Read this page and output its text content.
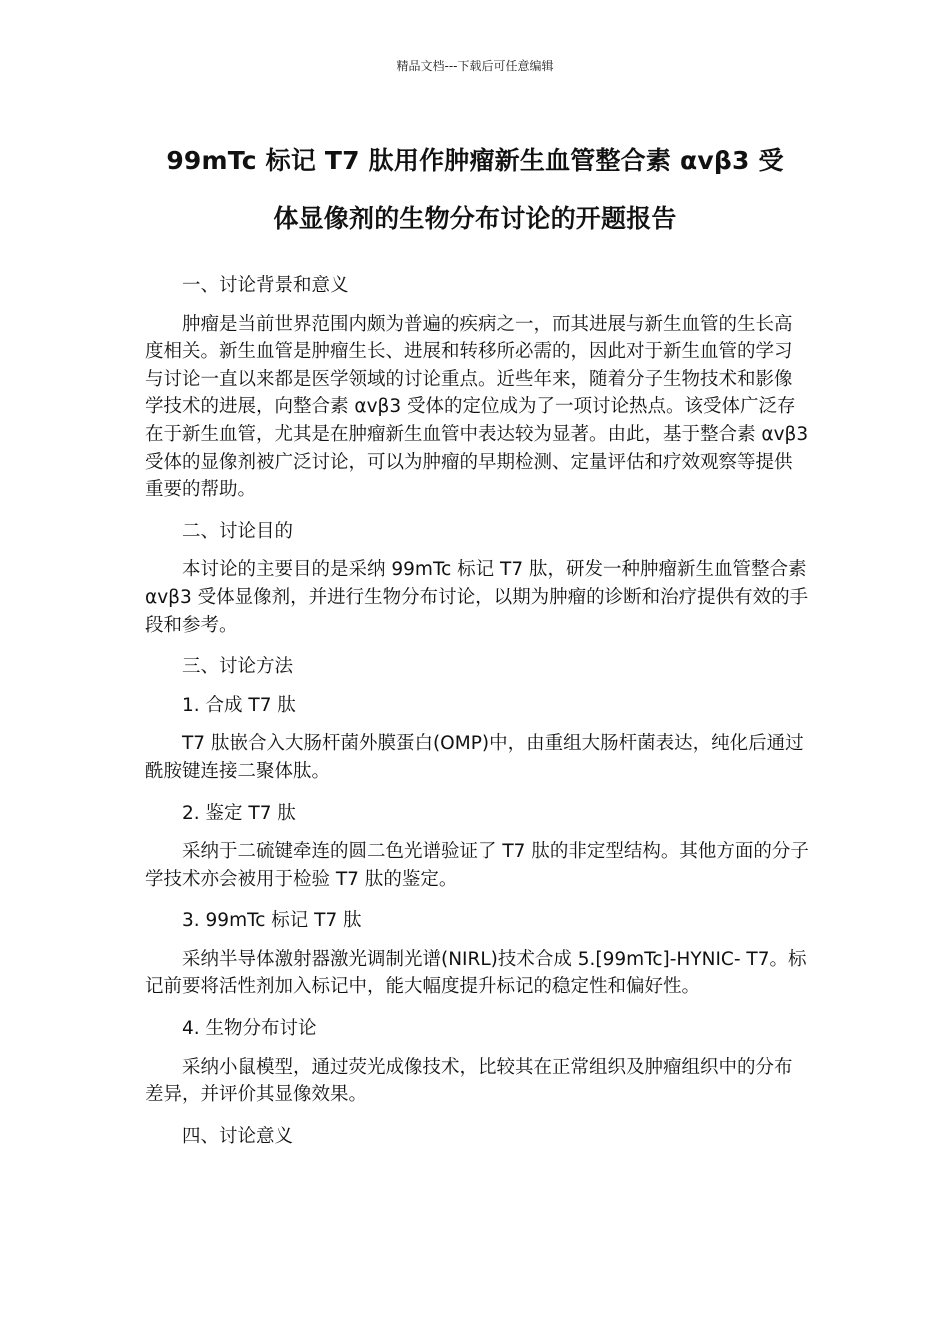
精品文档---下载后可任意编辑
99mTc 标记 T7 肽用作肿瘤新生血管整合素 αvβ3 受
体显像剂的生物分布讨论的开题报告

一、讨论背景和意义

肿瘤是当前世界范围内颇为普遍的疾病之一，而其进展与新生血管的生长高度相关。新生血管是肿瘤生长、进展和转移所必需的，因此对于新生血管的学习与讨论一直以来都是医学领域的讨论重点。近些年来，随着分子生物技术和影像学技术的进展，向整合素 αvβ3 受体的定位成为了一项讨论热点。该受体广泛存在于新生血管，尤其是在肿瘤新生血管中表达较为显著。由此，基于整合素 αvβ3 受体的显像剂被广泛讨论，可以为肿瘤的早期检测、定量评估和疗效观察等提供重要的帮助。

二、讨论目的

本讨论的主要目的是采纳 99mTc 标记 T7 肽，研发一种肿瘤新生血管整合素 αvβ3 受体显像剂，并进行生物分布讨论，以期为肿瘤的诊断和治疗提供有效的手段和参考。

三、讨论方法

1. 合成 T7 肽

T7 肽嵌合入大肠杆菌外膜蛋白(OMP)中，由重组大肠杆菌表达，纯化后通过酰胺键连接二聚体肽。

2. 鉴定 T7 肽

采纳于二硫键牵连的圆二色光谱验证了 T7 肽的非定型结构。其他方面的分子学技术亦会被用于检验 T7 肽的鉴定。

3. 99mTc 标记 T7 肽

采纳半导体激射器激光调制光谱(NIRL)技术合成 5.[99mTc]-HYNIC- T7。标记前要将活性剂加入标记中，能大幅度提升标记的稳定性和偏好性。

4. 生物分布讨论

采纳小鼠模型，通过荧光成像技术，比较其在正常组织及肿瘤组织中的分布差异，并评价其显像效果。

四、讨论意义
